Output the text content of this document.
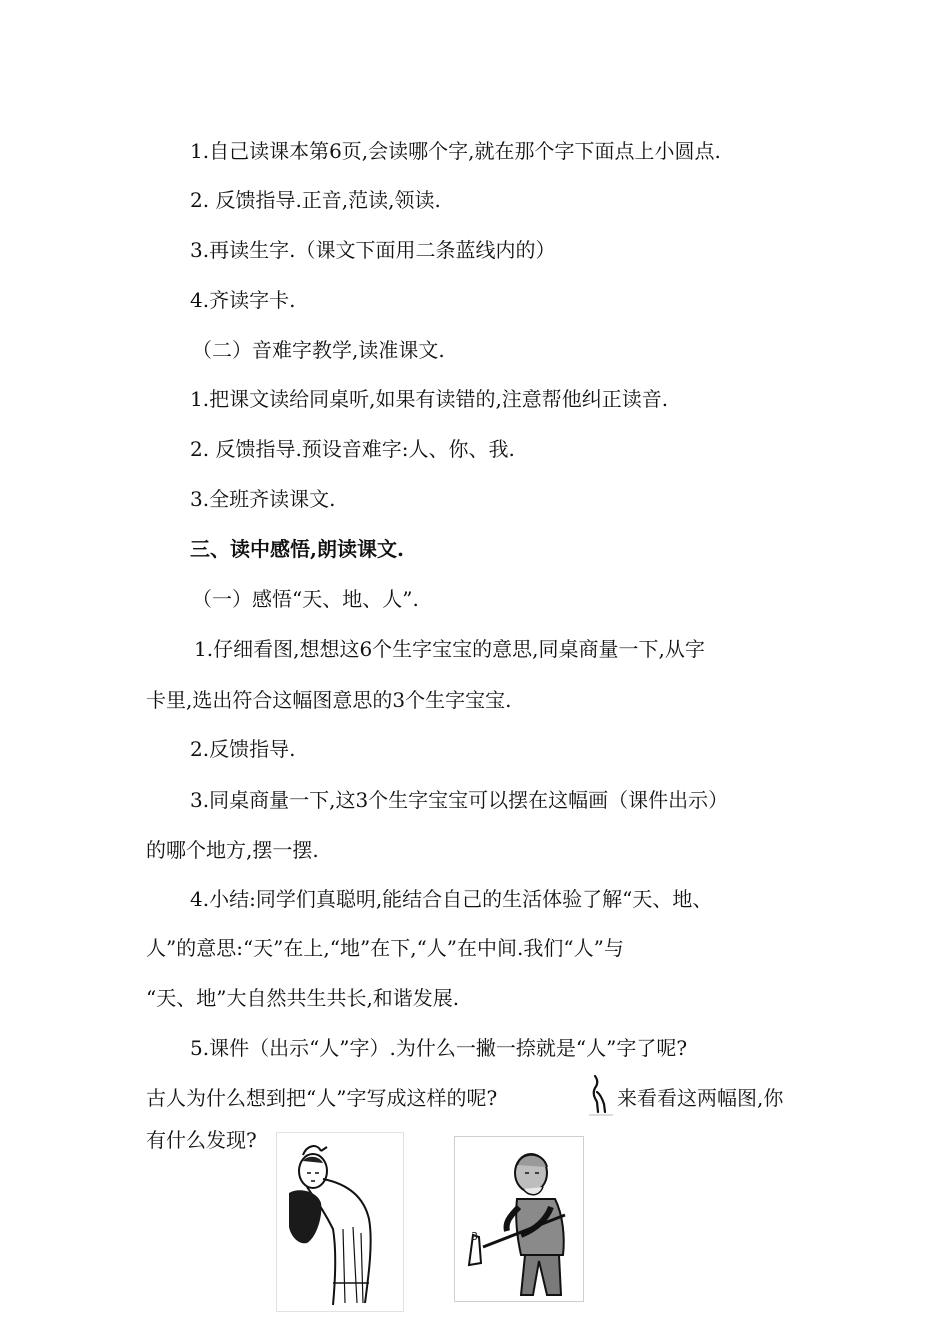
1.自己读课本第6页,会读哪个字,就在那个字下面点上小圆点.
2. 反馈指导.正音,范读,领读.
3.再读生字.（课文下面用二条蓝线内的）
4.齐读字卡.
（二）音难字教学,读准课文.
1.把课文读给同桌听,如果有读错的,注意帮他纠正读音.
2. 反馈指导.预设音难字:人、你、我.
3.全班齐读课文.
三、读中感悟,朗读课文.
（一）感悟“天、地、人”.
1.仔细看图,想想这6个生字宝宝的意思,同桌商量一下,从字
卡里,选出符合这幅图意思的3个生字宝宝.
2.反馈指导.
3.同桌商量一下,这3个生字宝宝可以摆在这幅画（课件出示）
的哪个地方,摆一摆.
4.小结:同学们真聪明,能结合自己的生活体验了解“天、地、
人”的意思:“天”在上,“地”在下,“人”在中间.我们“人”与
“天、地”大自然共生共长,和谐发展.
5.课件（出示“人”字）.为什么一撇一捺就是“人”字了呢?
古人为什么想到把“人”字写成这样的呢?	来看看这两幅图,你
有什么发现?
3
